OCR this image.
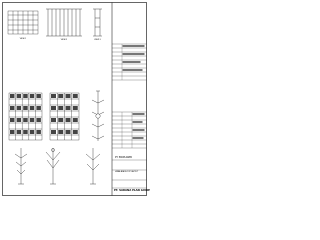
VIEW 1	VIEW 2	VIEW 3
PT. PROPLANER
HIMALAYA BLOCK LAYOUT
PT. SARANA PLAN GUIDE
